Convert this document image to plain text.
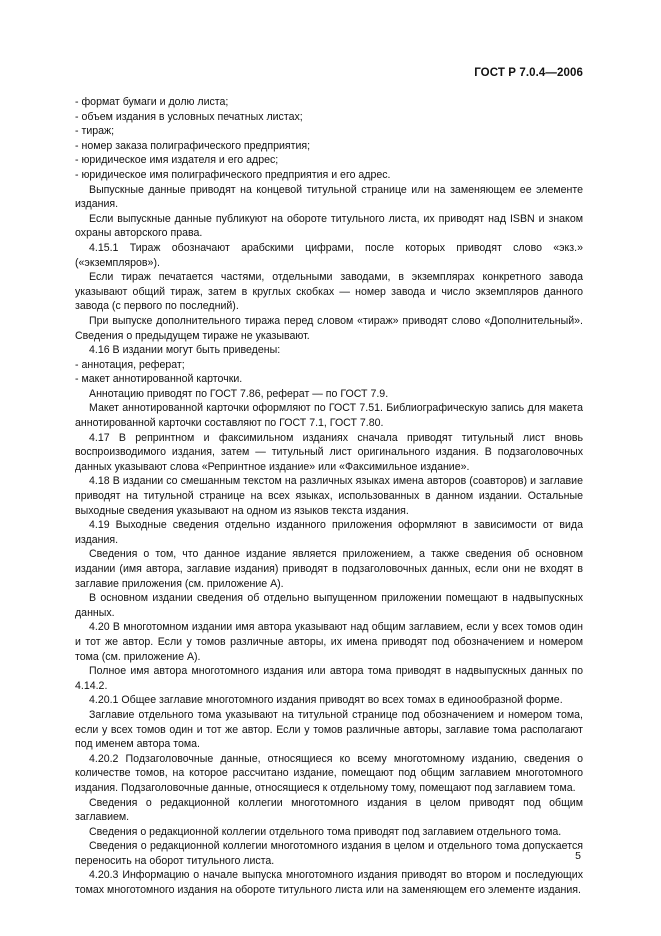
ГОСТ Р 7.0.4—2006

- формат бумаги и долю листа;

- объем издания в условных печатных листах;

- тираж;

- номер заказа полиграфического предприятия;

- юридическое имя издателя и его адрес;

- юридическое имя полиграфического предприятия и его адрес.

Выпускные данные приводят на концевой титульной странице или на заменяющем ее элементе издания.

Если выпускные данные публикуют на обороте титульного листа, их приводят над ISBN и знаком охраны авторского права.

4.15.1 Тираж обозначают арабскими цифрами, после которых приводят слово «экз.» («экземпляров»).

Если тираж печатается частями, отдельными заводами, в экземплярах конкретного завода указывают общий тираж, затем в круглых скобках — номер завода и число экземпляров данного завода (с первого по последний).

При выпуске дополнительного тиража перед словом «тираж» приводят слово «Дополнительный». Сведения о предыдущем тираже не указывают.

4.16 В издании могут быть приведены:

- аннотация, реферат;

- макет аннотированной карточки.

Аннотацию приводят по ГОСТ 7.86, реферат — по ГОСТ 7.9.

Макет аннотированной карточки оформляют по ГОСТ 7.51. Библиографическую запись для макета аннотированной карточки составляют по ГОСТ 7.1, ГОСТ 7.80.

4.17 В репринтном и факсимильном изданиях сначала приводят титульный лист вновь воспроизводимого издания, затем — титульный лист оригинального издания. В подзаголовочных данных указывают слова «Репринтное издание» или «Факсимильное издание».

4.18 В издании со смешанным текстом на различных языках имена авторов (соавторов) и заглавие приводят на титульной странице на всех языках, использованных в данном издании. Остальные выходные сведения указывают на одном из языков текста издания.

4.19 Выходные сведения отдельно изданного приложения оформляют в зависимости от вида издания.

Сведения о том, что данное издание является приложением, а также сведения об основном издании (имя автора, заглавие издания) приводят в подзаголовочных данных, если они не входят в заглавие приложения (см. приложение А).

В основном издании сведения об отдельно выпущенном приложении помещают в надвыпускных данных.

4.20 В многотомном издании имя автора указывают над общим заглавием, если у всех томов один и тот же автор. Если у томов различные авторы, их имена приводят под обозначением и номером тома (см. приложение А).

Полное имя автора многотомного издания или автора тома приводят в надвыпускных данных по 4.14.2.

4.20.1 Общее заглавие многотомного издания приводят во всех томах в единообразной форме.

Заглавие отдельного тома указывают на титульной странице под обозначением и номером тома, если у всех томов один и тот же автор. Если у томов различные авторы, заглавие тома располагают под именем автора тома.

4.20.2 Подзаголовочные данные, относящиеся ко всему многотомному изданию, сведения о количестве томов, на которое рассчитано издание, помещают под общим заглавием многотомного издания. Подзаголовочные данные, относящиеся к отдельному тому, помещают под заглавием тома.

Сведения о редакционной коллегии многотомного издания в целом приводят под общим заглавием.

Сведения о редакционной коллегии отдельного тома приводят под заглавием отдельного тома.

Сведения о редакционной коллегии многотомного издания в целом и отдельного тома допускается переносить на оборот титульного листа.

4.20.3 Информацию о начале выпуска многотомного издания приводят во втором и последующих томах многотомного издания на обороте титульного листа или на заменяющем его элементе издания.

5
